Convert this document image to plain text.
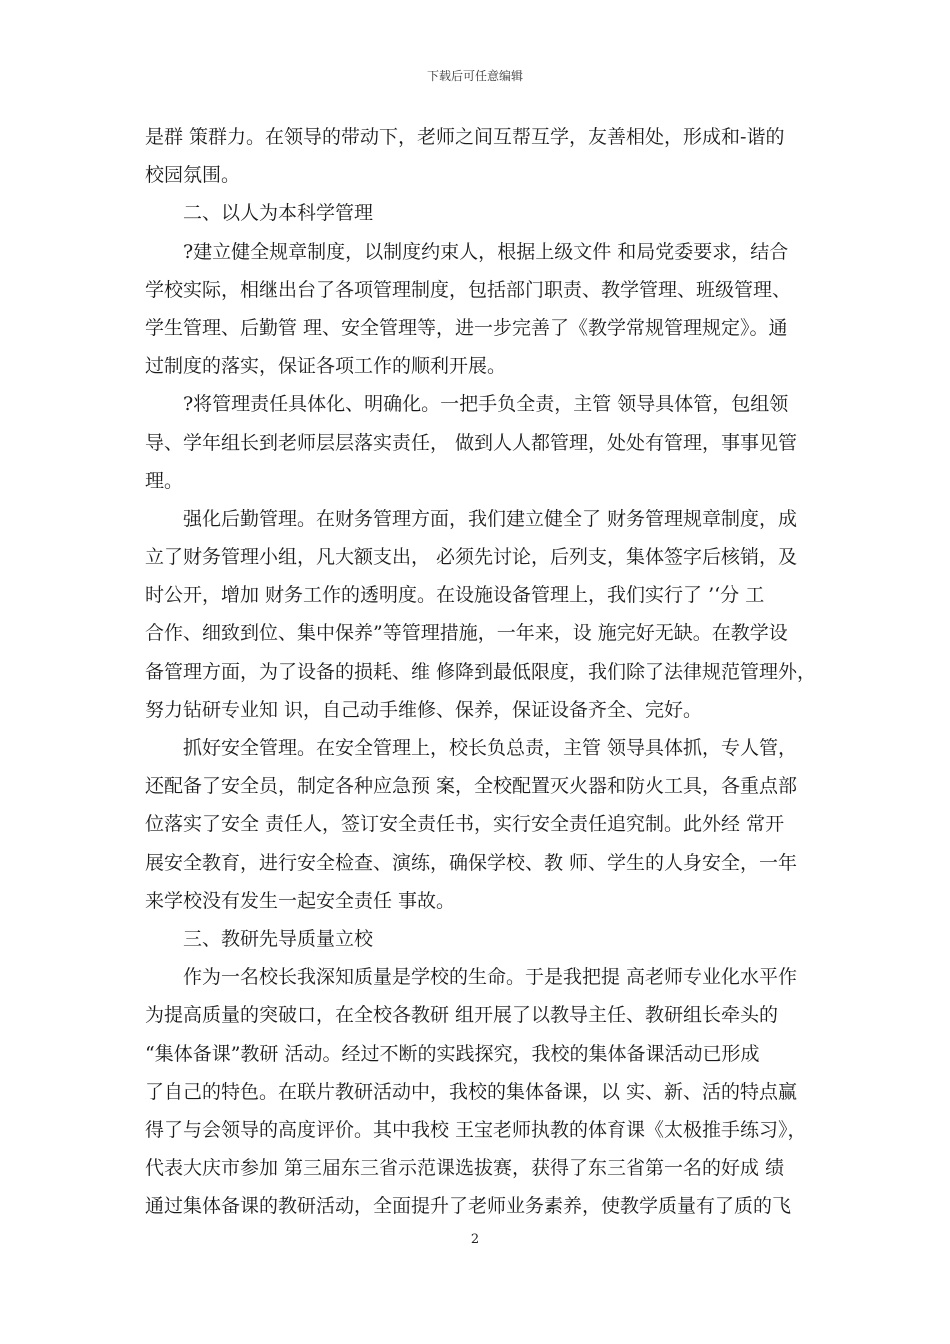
下载后可任意编辑
是群 策群力。在领导的带动下，老师之间互帮互学，友善相处，形成和-谐的
校园氛围。
二、以人为本科学管理
?建立健全规章制度，以制度约束人，根据上级文件 和局党委要求，结合
学校实际，相继出台了各项管理制度，包括部门职责、教学管理、班级管理、
学生管理、后勤管 理、安全管理等，进一步完善了《教学常规管理规定》。通
过制度的落实，保证各项工作的顺利开展。
?将管理责任具体化、明确化。一把手负全责，主管 领导具体管，包组领
导、学年组长到老师层层落实责任， 做到人人都管理，处处有管理，事事见管
理。
强化后勤管理。在财务管理方面，我们建立健全了 财务管理规章制度，成
立了财务管理小组，凡大额支出， 必须先讨论，后列支，集体签字后核销，及
时公开，增加 财务工作的透明度。在设施设备管理上，我们实行了 ’‘分 工
合作、细致到位、集中保养”等管理措施，一年来，设 施完好无缺。在教学设
备管理方面，为了设备的损耗、维 修降到最低限度，我们除了法律规范管理外，
努力钻研专业知 识，自己动手维修、保养，保证设备齐全、完好。
抓好安全管理。在安全管理上，校长负总责，主管 领导具体抓，专人管，
还配备了安全员，制定各种应急预 案，全校配置灭火器和防火工具，各重点部
位落实了安全 责任人，签订安全责任书，实行安全责任追究制。此外经 常开
展安全教育，进行安全检查、演练，确保学校、教 师、学生的人身安全，一年
来学校没有发生一起安全责任 事故。
三、教研先导质量立校
作为一名校长我深知质量是学校的生命。于是我把提 高老师专业化水平作
为提高质量的突破口，在全校各教研 组开展了以教导主任、教研组长牵头的
“集体备课”教研 活动。经过不断的实践探究，我校的集体备课活动已形成
了自己的特色。在联片教研活动中，我校的集体备课，以 实、新、活的特点赢
得了与会领导的高度评价。其中我校 王宝老师执教的体育课《太极推手练习》，
代表大庆市参加 第三届东三省示范课选拔赛，获得了东三省第一名的好成 绩
通过集体备课的教研活动，全面提升了老师业务素养，使教学质量有了质的飞
2
